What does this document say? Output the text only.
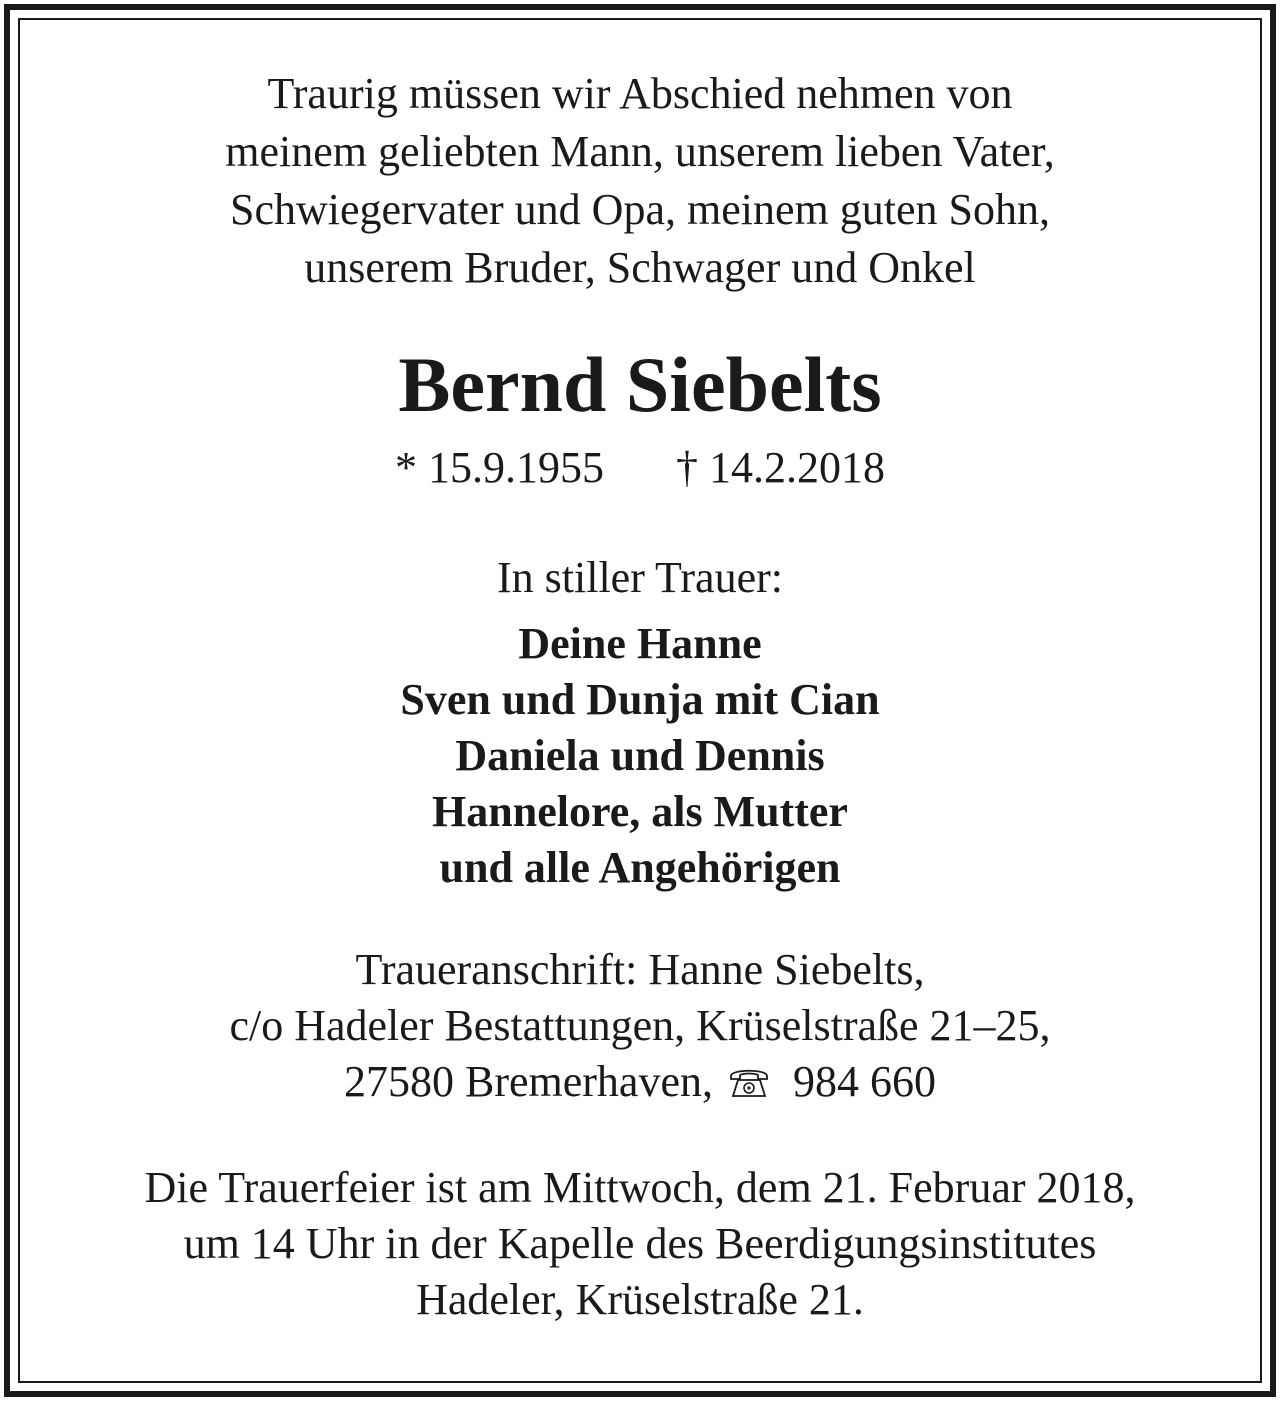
Traurig müssen wir Abschied nehmen von
meinem geliebten Mann, unserem lieben Vater,
Schwiegervater und Opa, meinem guten Sohn,
unserem Bruder, Schwager und Onkel
Bernd Siebelts
* 15.9.1955 † 14.2.2018
In stiller Trauer:
Deine Hanne
Sven und Dunja mit Cian
Daniela und Dennis
Hannelore, als Mutter
und alle Angehörigen
Traueranschrift: Hanne Siebelts,
c/o Hadeler Bestattungen, Krüselstraße 21–25,
27580 Bremerhaven, 984 660
Die Trauerfeier ist am Mittwoch, dem 21. Februar 2018,
um 14 Uhr in der Kapelle des Beerdigungsinstitutes
Hadeler, Krüselstraße 21.
